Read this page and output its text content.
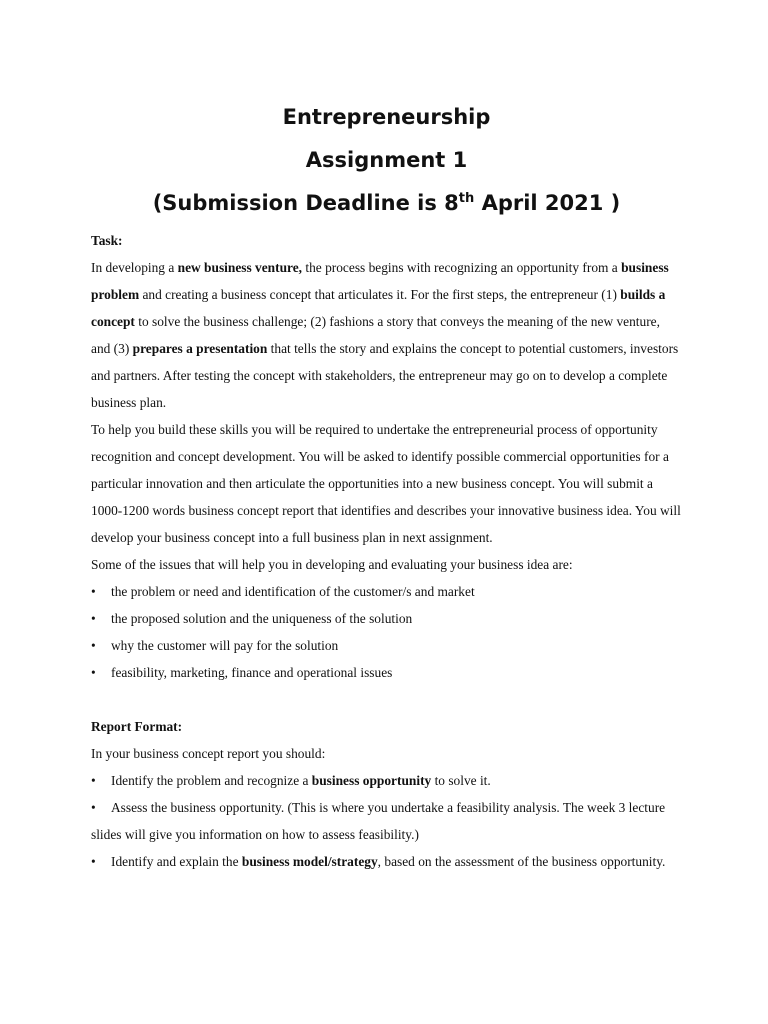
Entrepreneurship

Assignment 1

(Submission Deadline is 8th April 2021 )

Task:

In developing a new business venture, the process begins with recognizing an opportunity from a business problem and creating a business concept that articulates it. For the first steps, the entrepreneur (1) builds a concept to solve the business challenge; (2) fashions a story that conveys the meaning of the new venture, and (3) prepares a presentation that tells the story and explains the concept to potential customers, investors and partners. After testing the concept with stakeholders, the entrepreneur may go on to develop a complete business plan.

To help you build these skills you will be required to undertake the entrepreneurial process of opportunity recognition and concept development. You will be asked to identify possible commercial opportunities for a particular innovation and then articulate the opportunities into a new business concept. You will submit a 1000-1200 words business concept report that identifies and describes your innovative business idea. You will develop your business concept into a full business plan in next assignment.

Some of the issues that will help you in developing and evaluating your business idea are:

• the problem or need and identification of the customer/s and market
• the proposed solution and the uniqueness of the solution
• why the customer will pay for the solution
• feasibility, marketing, finance and operational issues

Report Format:

In your business concept report you should:

• Identify the problem and recognize a business opportunity to solve it.
• Assess the business opportunity. (This is where you undertake a feasibility analysis. The week 3 lecture slides will give you information on how to assess feasibility.)
• Identify and explain the business model/strategy, based on the assessment of the business opportunity.
